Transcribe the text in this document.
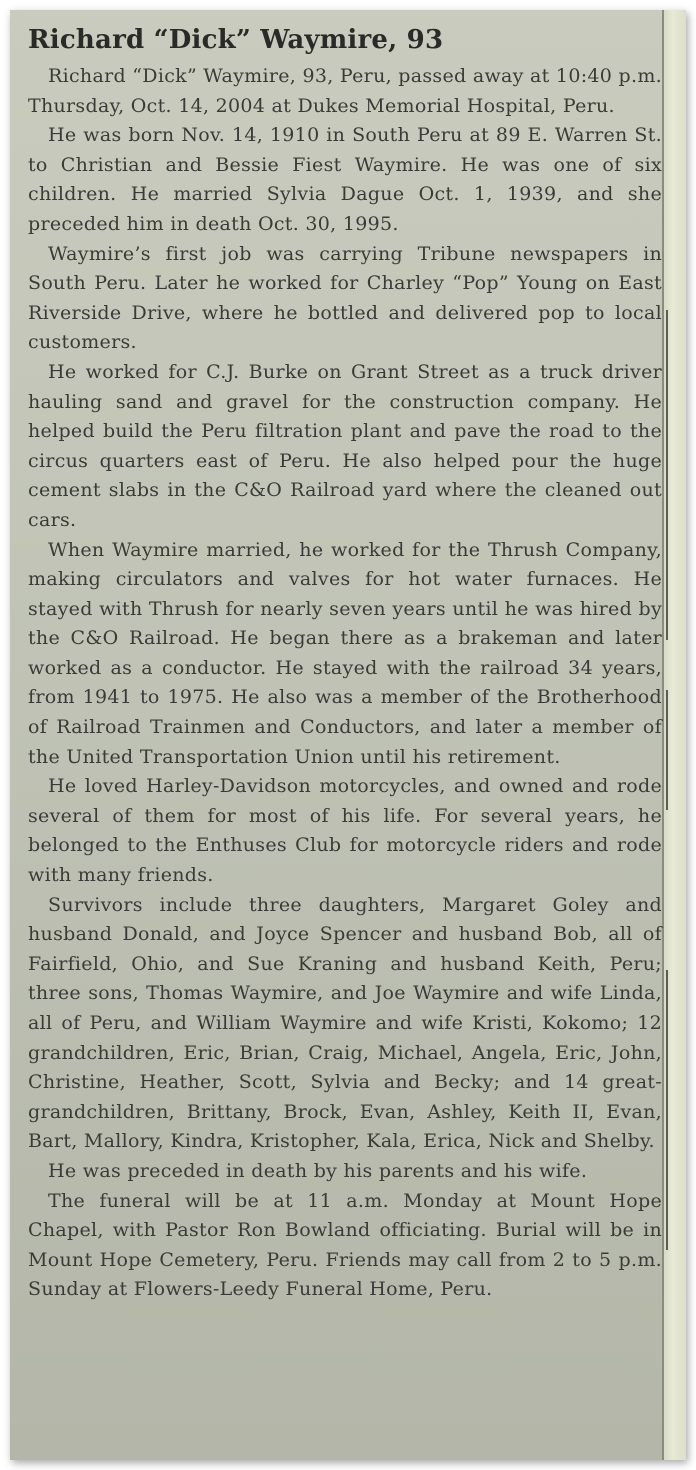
Richard “Dick” Waymire, 93

Richard “Dick” Waymire, 93, Peru, passed away at 10:40 p.m. Thursday, Oct. 14, 2004 at Dukes Memorial Hospital, Peru.

He was born Nov. 14, 1910 in South Peru at 89 E. Warren St. to Christian and Bessie Fiest Waymire. He was one of six children. He married Sylvia Dague Oct. 1, 1939, and she preceded him in death Oct. 30, 1995.

Waymire’s first job was carrying Tribune newspapers in South Peru. Later he worked for Charley “Pop” Young on East Riverside Drive, where he bottled and delivered pop to local customers.

He worked for C.J. Burke on Grant Street as a truck driver hauling sand and gravel for the construction company. He helped build the Peru filtration plant and pave the road to the circus quarters east of Peru. He also helped pour the huge cement slabs in the C&O Railroad yard where the cleaned out cars.

When Waymire married, he worked for the Thrush Company, making circulators and valves for hot water furnaces. He stayed with Thrush for nearly seven years until he was hired by the C&O Railroad. He began there as a brakeman and later worked as a conductor. He stayed with the railroad 34 years, from 1941 to 1975. He also was a member of the Brotherhood of Railroad Trainmen and Conductors, and later a member of the United Transportation Union until his retirement.

He loved Harley-Davidson motorcycles, and owned and rode several of them for most of his life. For several years, he belonged to the Enthuses Club for motorcycle riders and rode with many friends.

Survivors include three daughters, Margaret Goley and husband Donald, and Joyce Spencer and husband Bob, all of Fairfield, Ohio, and Sue Kraning and husband Keith, Peru; three sons, Thomas Waymire, and Joe Waymire and wife Linda, all of Peru, and William Waymire and wife Kristi, Kokomo; 12 grandchildren, Eric, Brian, Craig, Michael, Angela, Eric, John, Christine, Heather, Scott, Sylvia and Becky; and 14 great-grandchildren, Brittany, Brock, Evan, Ashley, Keith II, Evan, Bart, Mallory, Kindra, Kristopher, Kala, Erica, Nick and Shelby.

He was preceded in death by his parents and his wife.

The funeral will be at 11 a.m. Monday at Mount Hope Chapel, with Pastor Ron Bowland officiating. Burial will be in Mount Hope Cemetery, Peru. Friends may call from 2 to 5 p.m. Sunday at Flowers-Leedy Funeral Home, Peru.
